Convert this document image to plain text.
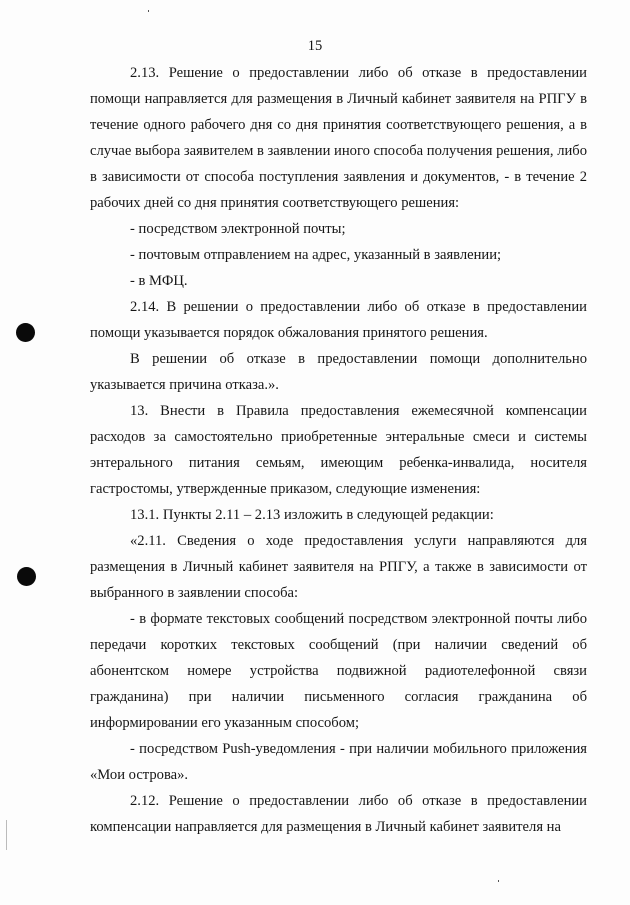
15

2.13. Решение о предоставлении либо об отказе в предоставлении помощи направляется для размещения в Личный кабинет заявителя на РПГУ в течение одного рабочего дня со дня принятия соответствующего решения, а в случае выбора заявителем в заявлении иного способа получения решения, либо в зависимости от способа поступления заявления и документов, - в течение 2 рабочих дней со дня принятия соответствующего решения:

- посредством электронной почты;

- почтовым отправлением на адрес, указанный в заявлении;

- в МФЦ.

2.14. В решении о предоставлении либо об отказе в предоставлении помощи указывается порядок обжалования принятого решения.

В решении об отказе в предоставлении помощи дополнительно указывается причина отказа.».

13. Внести в Правила предоставления ежемесячной компенсации расходов за самостоятельно приобретенные энтеральные смеси и системы энтерального питания семьям, имеющим ребенка-инвалида, носителя гастростомы, утвержденные приказом, следующие изменения:

13.1. Пункты 2.11 – 2.13 изложить в следующей редакции:

«2.11. Сведения о ходе предоставления услуги направляются для размещения в Личный кабинет заявителя на РПГУ, а также в зависимости от выбранного в заявлении способа:

- в формате текстовых сообщений посредством электронной почты либо передачи коротких текстовых сообщений (при наличии сведений об абонентском номере устройства подвижной радиотелефонной связи гражданина) при наличии письменного согласия гражданина об информировании его указанным способом;

- посредством Push-уведомления - при наличии мобильного приложения «Мои острова».

2.12. Решение о предоставлении либо об отказе в предоставлении компенсации направляется для размещения в Личный кабинет заявителя на
